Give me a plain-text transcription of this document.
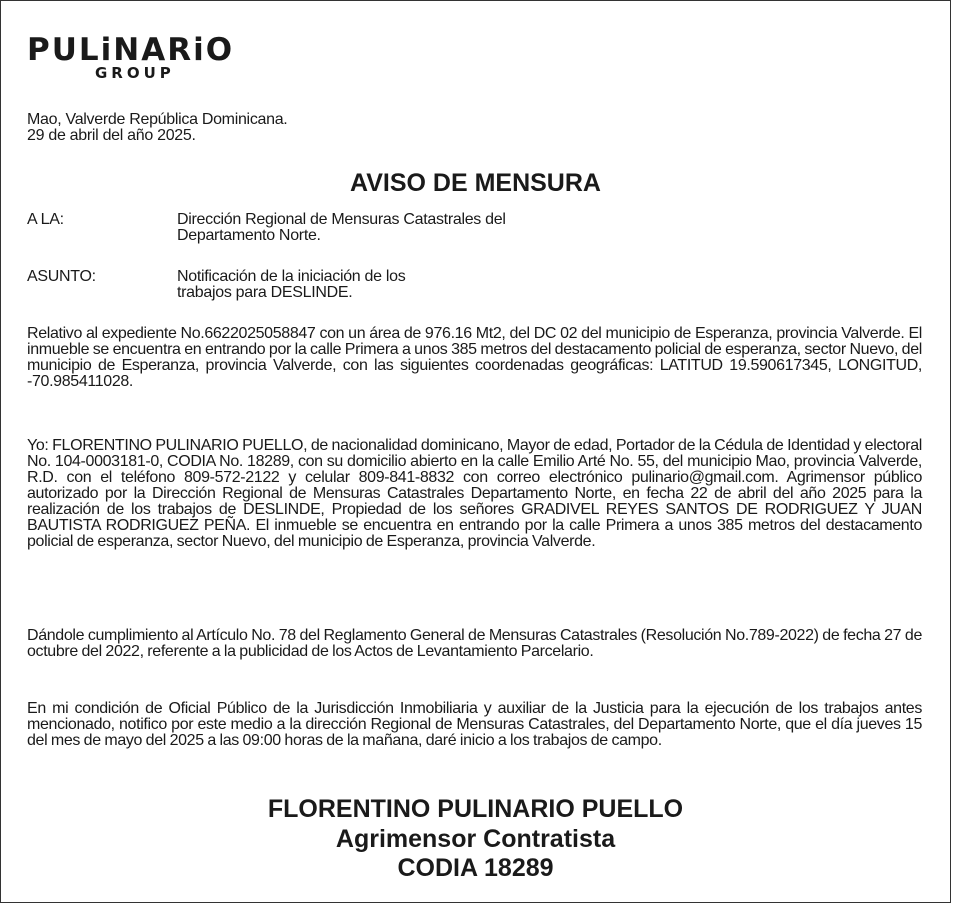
PULiNARiO
GROUP
Mao, Valverde República Dominicana.
29 de abril del año 2025.
AVISO DE MENSURA
A LA:	Dirección Regional de Mensuras Catastrales del
Departamento Norte.
ASUNTO:	Notificación de la iniciación de los
trabajos para DESLINDE.
Relativo al expediente No.6622025058847 con un área de 976.16 Mt2, del DC 02 del municipio de Esperanza, provincia Valverde. El inmueble se encuentra en entrando por la calle Primera a unos 385 metros del destacamento policial de esperanza, sector Nuevo, del municipio de Esperanza, provincia Valverde, con las siguientes coordenadas geográficas: LATITUD 19.590617345, LONGITUD, -70.985411028.
Yo: FLORENTINO PULINARIO PUELLO, de nacionalidad dominicano, Mayor de edad, Portador de la Cédula de Identidad y electoral No. 104-0003181-0, CODIA No. 18289, con su domicilio abierto en la calle Emilio Arté No. 55, del municipio Mao, provincia Valverde, R.D. con el teléfono 809-572-2122 y celular 809-841-8832 con correo electrónico pulinario@gmail.com. Agrimensor público autorizado por la Dirección Regional de Mensuras Catastrales Departamento Norte, en fecha 22 de abril del año 2025 para la realización de los trabajos de DESLINDE, Propiedad de los señores GRADIVEL REYES SANTOS DE RODRIGUEZ Y JUAN BAUTISTA RODRIGUEZ PEÑA. El inmueble se encuentra en entrando por la calle Primera a unos 385 metros del destacamento policial de esperanza, sector Nuevo, del municipio de Esperanza, provincia Valverde.
Dándole cumplimiento al Artículo No. 78 del Reglamento General de Mensuras Catastrales (Resolución No.789-2022) de fecha 27 de octubre del 2022, referente a la publicidad de los Actos de Levantamiento Parcelario.
En mi condición de Oficial Público de la Jurisdicción Inmobiliaria y auxiliar de la Justicia para la ejecución de los trabajos antes mencionado, notifico por este medio a la dirección Regional de Mensuras Catastrales, del Departamento Norte, que el día jueves 15 del mes de mayo del 2025 a las 09:00 horas de la mañana, daré inicio a los trabajos de campo.
FLORENTINO PULINARIO PUELLO
Agrimensor Contratista
CODIA 18289
